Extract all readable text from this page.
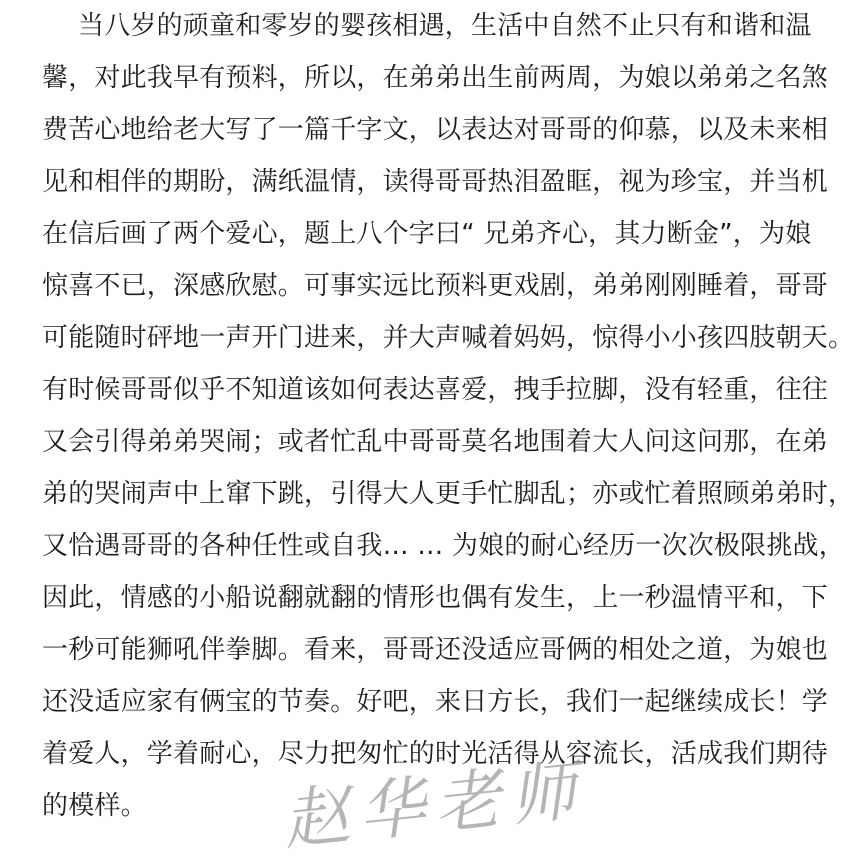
当八岁的顽童和零岁的婴孩相遇，生活中自然不止只有和谐和温
馨，对此我早有预料，所以，在弟弟出生前两周，为娘以弟弟之名煞
费苦心地给老大写了一篇千字文，以表达对哥哥的仰慕，以及未来相
见和相伴的期盼，满纸温情，读得哥哥热泪盈眶，视为珍宝，并当机
在信后画了两个爱心，题上八个字曰“ 兄弟齐心，其力断金”，为娘
惊喜不已，深感欣慰。可事实远比预料更戏剧，弟弟刚刚睡着，哥哥
可能随时砰地一声开门进来，并大声喊着妈妈，惊得小小孩四肢朝天。
有时候哥哥似乎不知道该如何表达喜爱，拽手拉脚，没有轻重，往往
又会引得弟弟哭闹；或者忙乱中哥哥莫名地围着大人问这问那，在弟
弟的哭闹声中上窜下跳，引得大人更手忙脚乱；亦或忙着照顾弟弟时，
又恰遇哥哥的各种任性或自我… … 为娘的耐心经历一次次极限挑战，
因此，情感的小船说翻就翻的情形也偶有发生，上一秒温情平和，下
一秒可能狮吼伴拳脚。看来，哥哥还没适应哥俩的相处之道，为娘也
还没适应家有俩宝的节奏。好吧，来日方长，我们一起继续成长！学
着爱人，学着耐心，尽力把匆忙的时光活得从容流长，活成我们期待
的模样。	赵华老师
